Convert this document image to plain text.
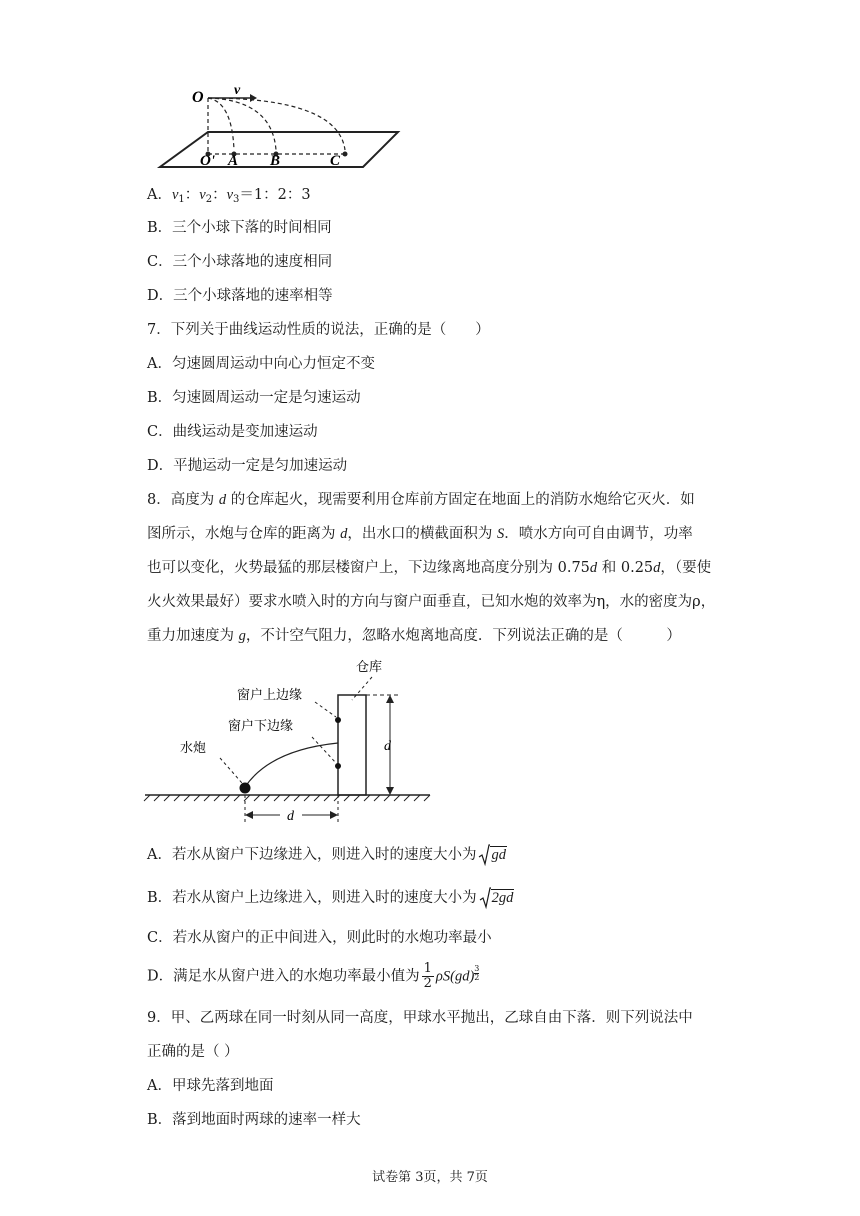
O v
O' A B	C
A．$v_1$：$v_2$：$v_3=1$：2：3
B．三个小球下落的时间相同
C．三个小球落地的速度相同
D．三个小球落地的速率相等
7．下列关于曲线运动性质的说法，正确的是（　　）
A．匀速圆周运动中向心力恒定不变
B．匀速圆周运动一定是匀速运动
C．曲线运动是变加速运动
D．平抛运动一定是匀加速运动
8．高度为 d 的仓库起火，现需要利用仓库前方固定在地面上的消防水炮给它灭火．如
图所示，水炮与仓库的距离为 d，出水口的横截面积为 S．喷水方向可自由调节，功率
也可以变化，火势最猛的那层楼窗户上，下边缘离地高度分别为 0.75d 和 0.25d，（要使
火火效果最好）要求水喷入时的方向与窗户面垂直，已知水炮的效率为η，水的密度为ρ，
重力加速度为 g，不计空气阻力，忽略水炮离地高度．下列说法正确的是（　　　）
d
仓库
窗户上边缘
窗户下边缘
水炮
d
A．若水从窗户下边缘进入，则进入时的速度大小为 gd
B．若水从窗户上边缘进入，则进入时的速度大小为 2gd
C．若水从窗户的正中间进入，则此时的水炮功率最小
D．满足水从窗户进入的水炮功率最小值为 $\frac{1}{2} \rho S(gd) \frac{3}{2}$
9．甲、乙两球在同一时刻从同一高度，甲球水平抛出，乙球自由下落．则下列说法中
正确的是（ ）
A．甲球先落到地面
B．落到地面时两球的速率一样大
试卷第 3页，共 7页
